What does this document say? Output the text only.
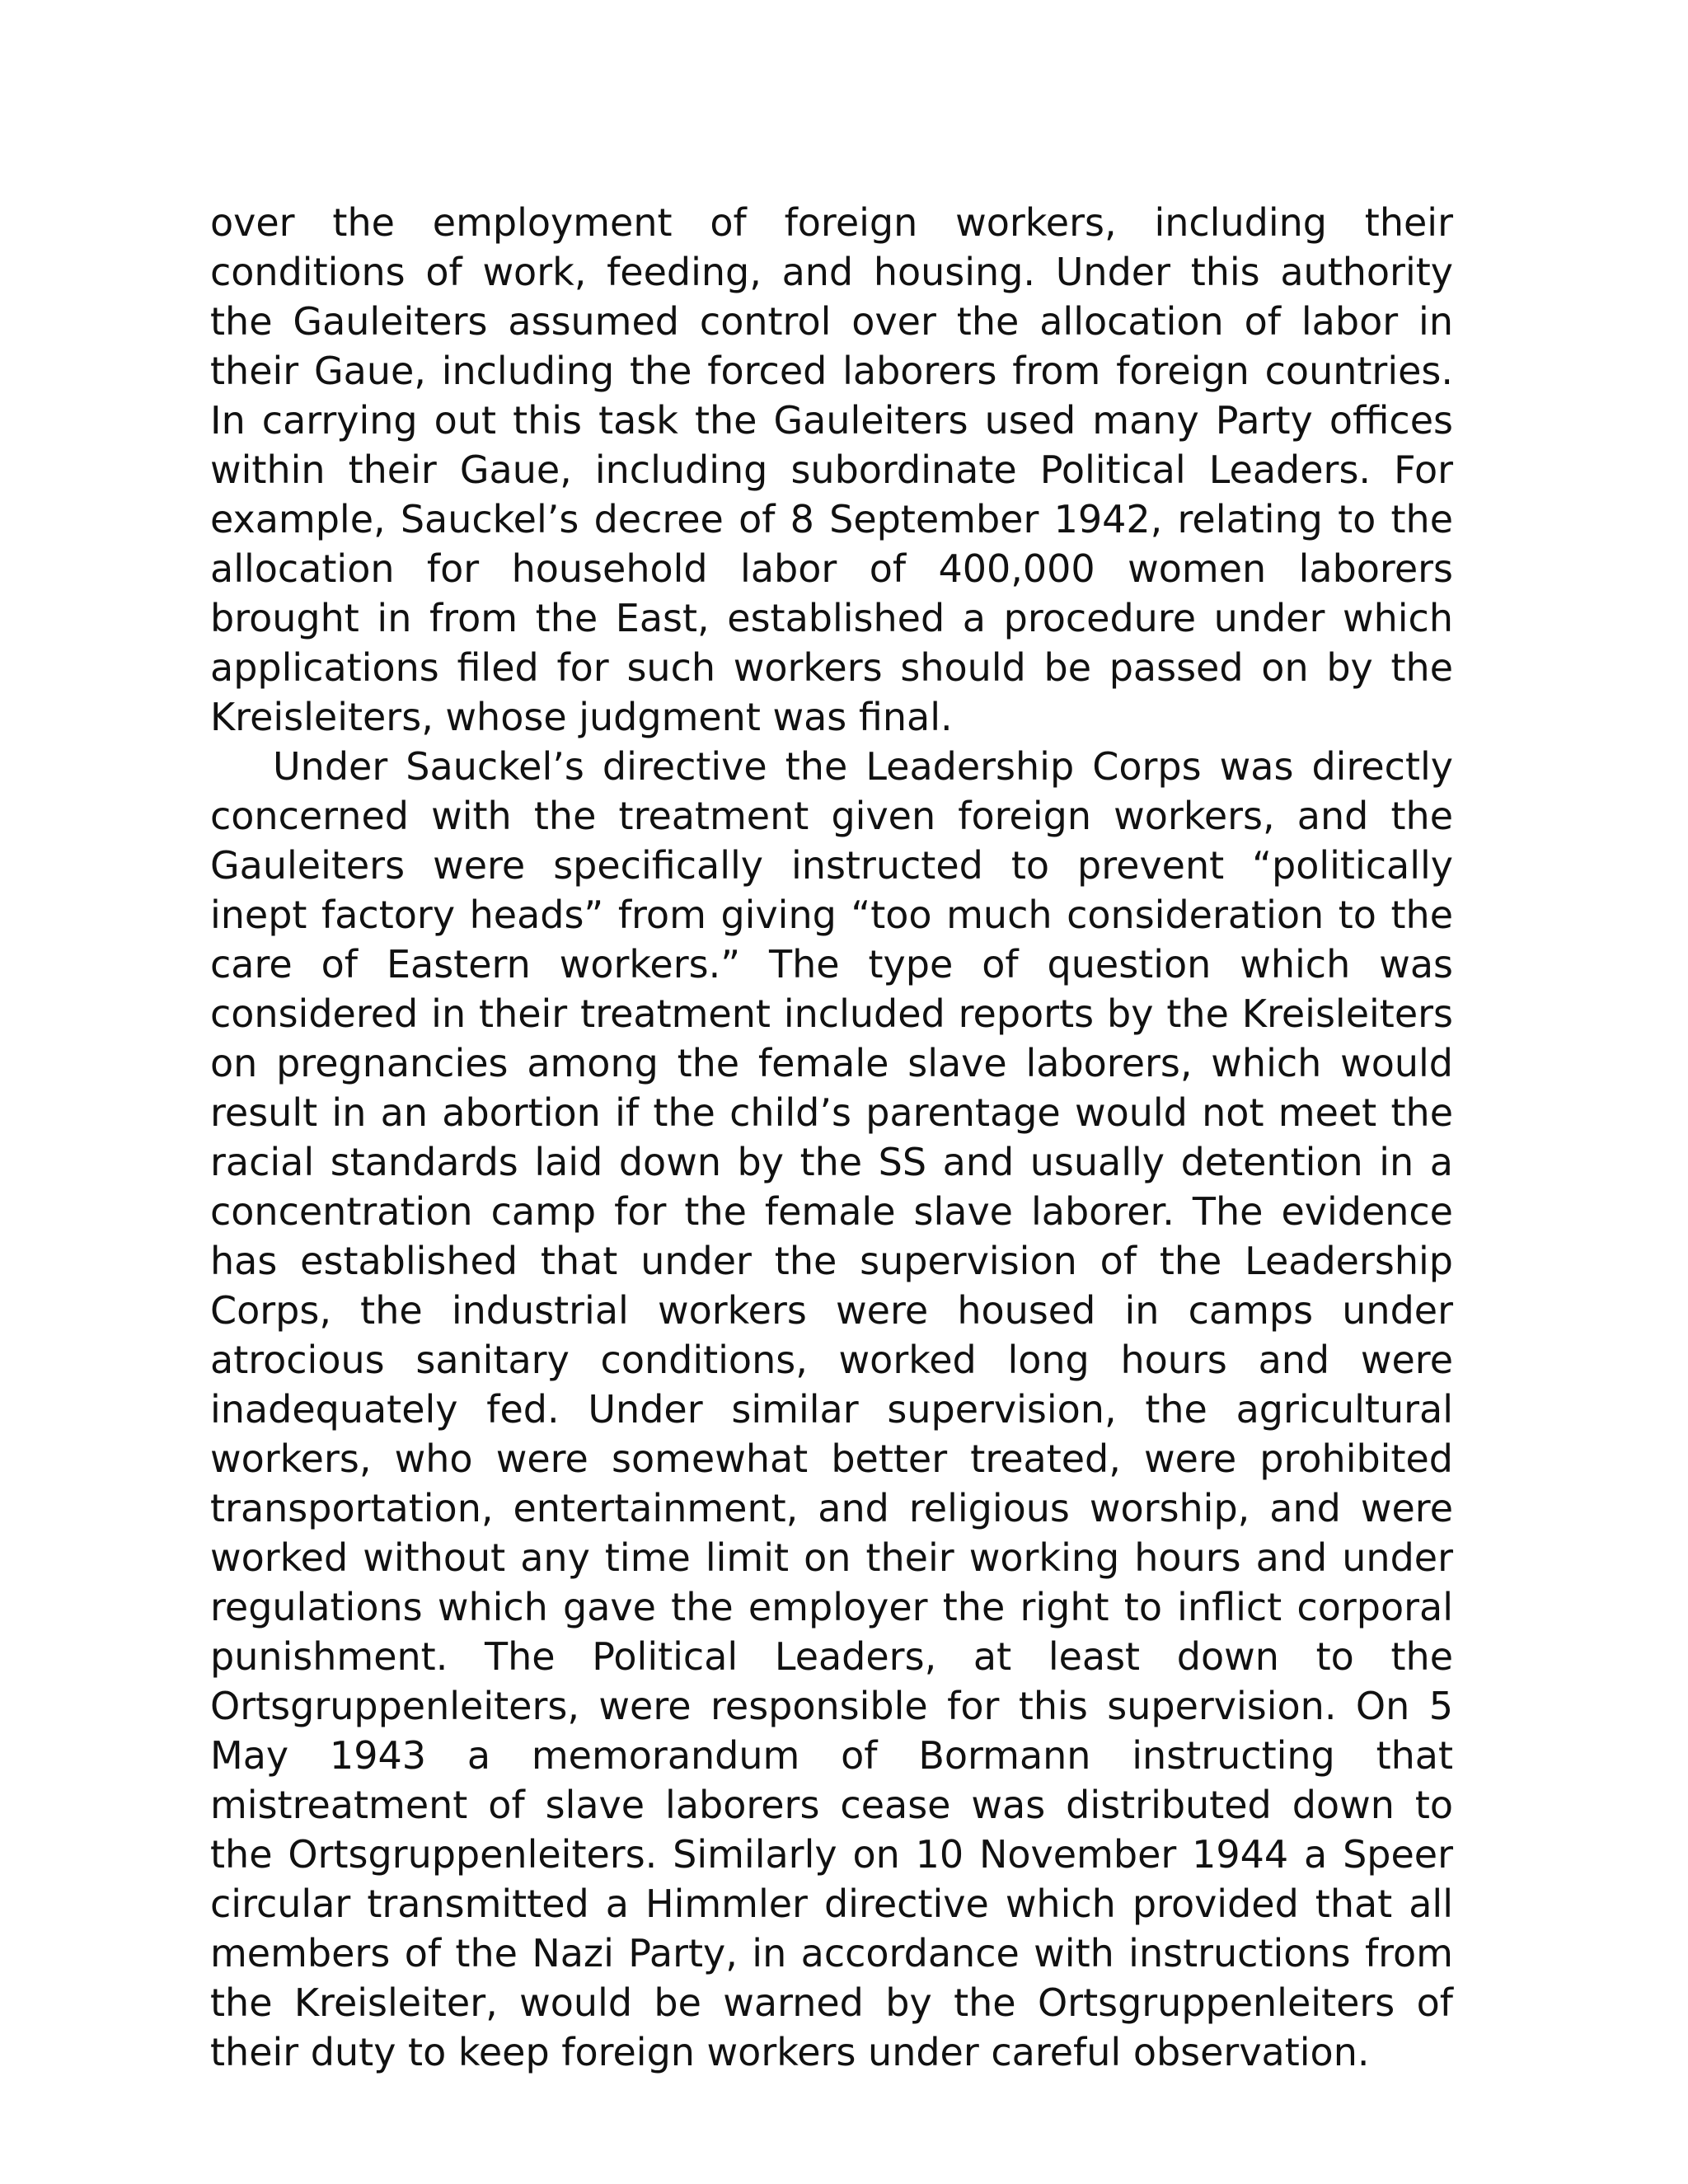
over the employment of foreign workers, including their conditions of work, feeding, and housing. Under this authority the Gauleiters assumed control over the allocation of labor in their Gaue, including the forced laborers from foreign countries. In carrying out this task the Gauleiters used many Party offices within their Gaue, including subordinate Political Leaders. For example, Sauckel’s decree of 8 September 1942, relating to the allocation for household labor of 400,000 women laborers brought in from the East, established a procedure under which applications filed for such workers should be passed on by the Kreisleiters, whose judgment was final.

Under Sauckel’s directive the Leadership Corps was directly concerned with the treatment given foreign workers, and the Gauleiters were specifically instructed to prevent “politically inept factory heads” from giving “too much consideration to the care of Eastern workers.” The type of question which was considered in their treatment included reports by the Kreisleiters on pregnancies among the female slave laborers, which would result in an abortion if the child’s parentage would not meet the racial standards laid down by the SS and usually detention in a concentration camp for the female slave laborer. The evidence has established that under the supervision of the Leadership Corps, the industrial workers were housed in camps under atrocious sanitary conditions, worked long hours and were inadequately fed. Under similar supervision, the agricultural workers, who were somewhat better treated, were prohibited transportation, entertainment, and religious worship, and were worked without any time limit on their working hours and under regulations which gave the employer the right to inflict corporal punishment. The Political Leaders, at least down to the Ortsgruppenleiters, were responsible for this supervision. On 5 May 1943 a memorandum of Bormann instructing that mistreatment of slave laborers cease was distributed down to the Ortsgruppenleiters. Similarly on 10 November 1944 a Speer circular transmitted a Himmler directive which provided that all members of the Nazi Party, in accordance with instructions from the Kreisleiter, would be warned by the Ortsgruppenleiters of their duty to keep foreign workers under careful observation.
